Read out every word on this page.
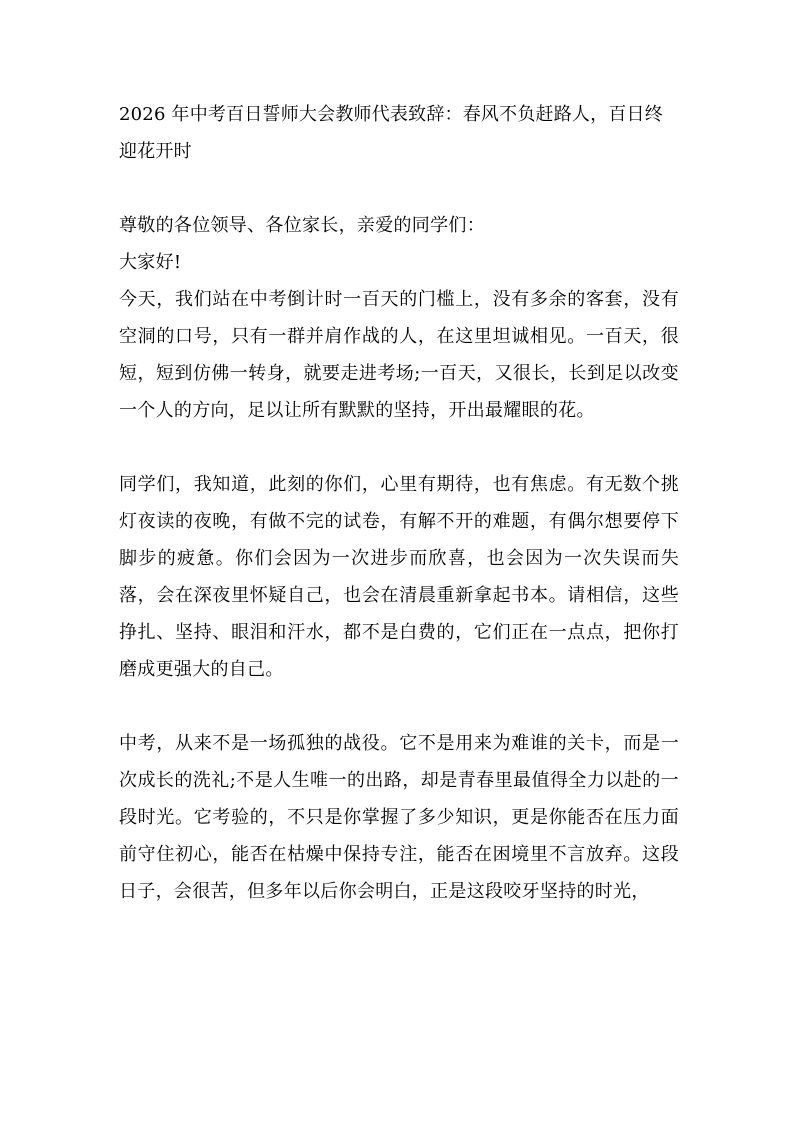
2026 年中考百日誓师大会教师代表致辞：春风不负赶路人，百日终迎花开时

尊敬的各位领导、各位家长，亲爱的同学们：

大家好!

今天，我们站在中考倒计时一百天的门槛上，没有多余的客套，没有空洞的口号，只有一群并肩作战的人，在这里坦诚相见。一百天，很短，短到仿佛一转身，就要走进考场;一百天，又很长，长到足以改变一个人的方向，足以让所有默默的坚持，开出最耀眼的花。

同学们，我知道，此刻的你们，心里有期待，也有焦虑。有无数个挑灯夜读的夜晚，有做不完的试卷，有解不开的难题，有偶尔想要停下脚步的疲惫。你们会因为一次进步而欣喜，也会因为一次失误而失落，会在深夜里怀疑自己，也会在清晨重新拿起书本。请相信，这些挣扎、坚持、眼泪和汗水，都不是白费的，它们正在一点点，把你打磨成更强大的自己。

中考，从来不是一场孤独的战役。它不是用来为难谁的关卡，而是一次成长的洗礼;不是人生唯一的出路，却是青春里最值得全力以赴的一段时光。它考验的，不只是你掌握了多少知识，更是你能否在压力面前守住初心，能否在枯燥中保持专注，能否在困境里不言放弃。这段日子，会很苦，但多年以后你会明白，正是这段咬牙坚持的时光，
